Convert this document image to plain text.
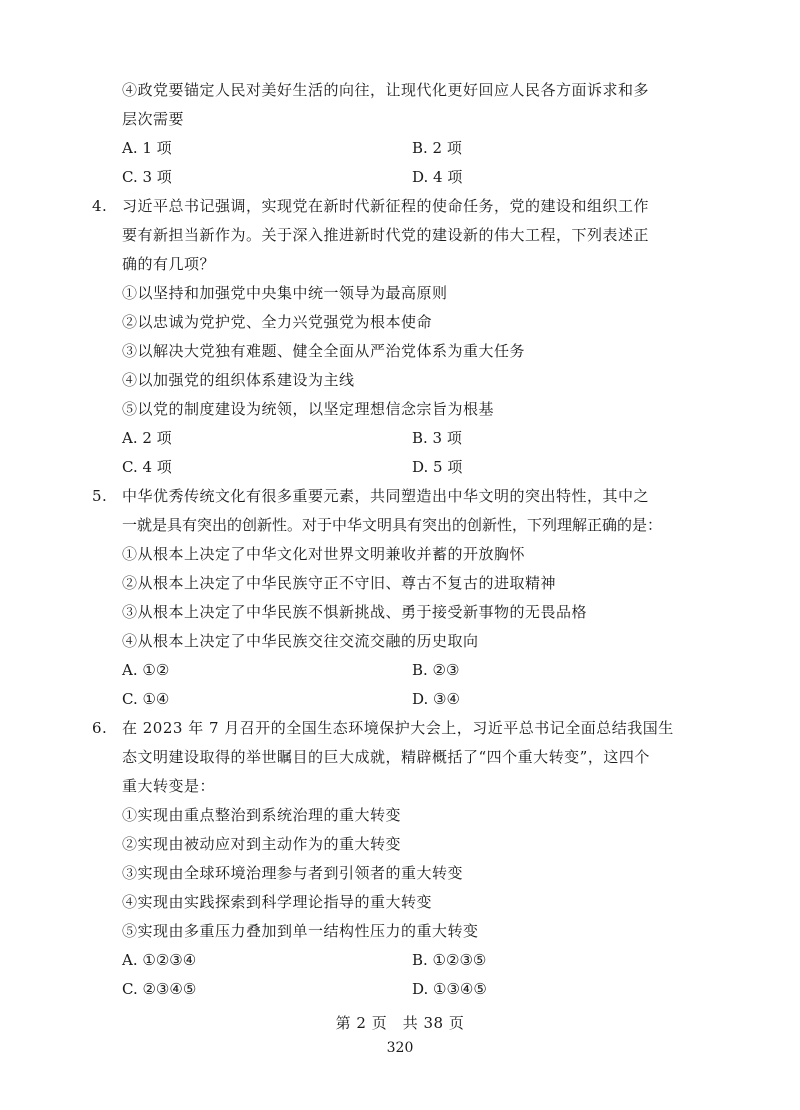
④政党要锚定人民对美好生活的向往，让现代化更好回应人民各方面诉求和多
层次需要
A. 1 项	B. 2 项
C. 3 项	D. 4 项
4. 习近平总书记强调，实现党在新时代新征程的使命任务，党的建设和组织工作
要有新担当新作为。关于深入推进新时代党的建设新的伟大工程，下列表述正
确的有几项？
①以坚持和加强党中央集中统一领导为最高原则
②以忠诚为党护党、全力兴党强党为根本使命
③以解决大党独有难题、健全全面从严治党体系为重大任务
④以加强党的组织体系建设为主线
⑤以党的制度建设为统领，以坚定理想信念宗旨为根基
A. 2 项	B. 3 项
C. 4 项	D. 5 项
5. 中华优秀传统文化有很多重要元素，共同塑造出中华文明的突出特性，其中之
一就是具有突出的创新性。对于中华文明具有突出的创新性，下列理解正确的是：
①从根本上决定了中华文化对世界文明兼收并蓄的开放胸怀
②从根本上决定了中华民族守正不守旧、尊古不复古的进取精神
③从根本上决定了中华民族不惧新挑战、勇于接受新事物的无畏品格
④从根本上决定了中华民族交往交流交融的历史取向
A. ①②	B. ②③
C. ①④	D. ③④
6. 在 2023 年 7 月召开的全国生态环境保护大会上，习近平总书记全面总结我国生
态文明建设取得的举世瞩目的巨大成就，精辟概括了“四个重大转变”，这四个
重大转变是：
①实现由重点整治到系统治理的重大转变
②实现由被动应对到主动作为的重大转变
③实现由全球环境治理参与者到引领者的重大转变
④实现由实践探索到科学理论指导的重大转变
⑤实现由多重压力叠加到单一结构性压力的重大转变
A. ①②③④	B. ①②③⑤
C. ②③④⑤	D. ①③④⑤
第 2 页　共 38 页
320
